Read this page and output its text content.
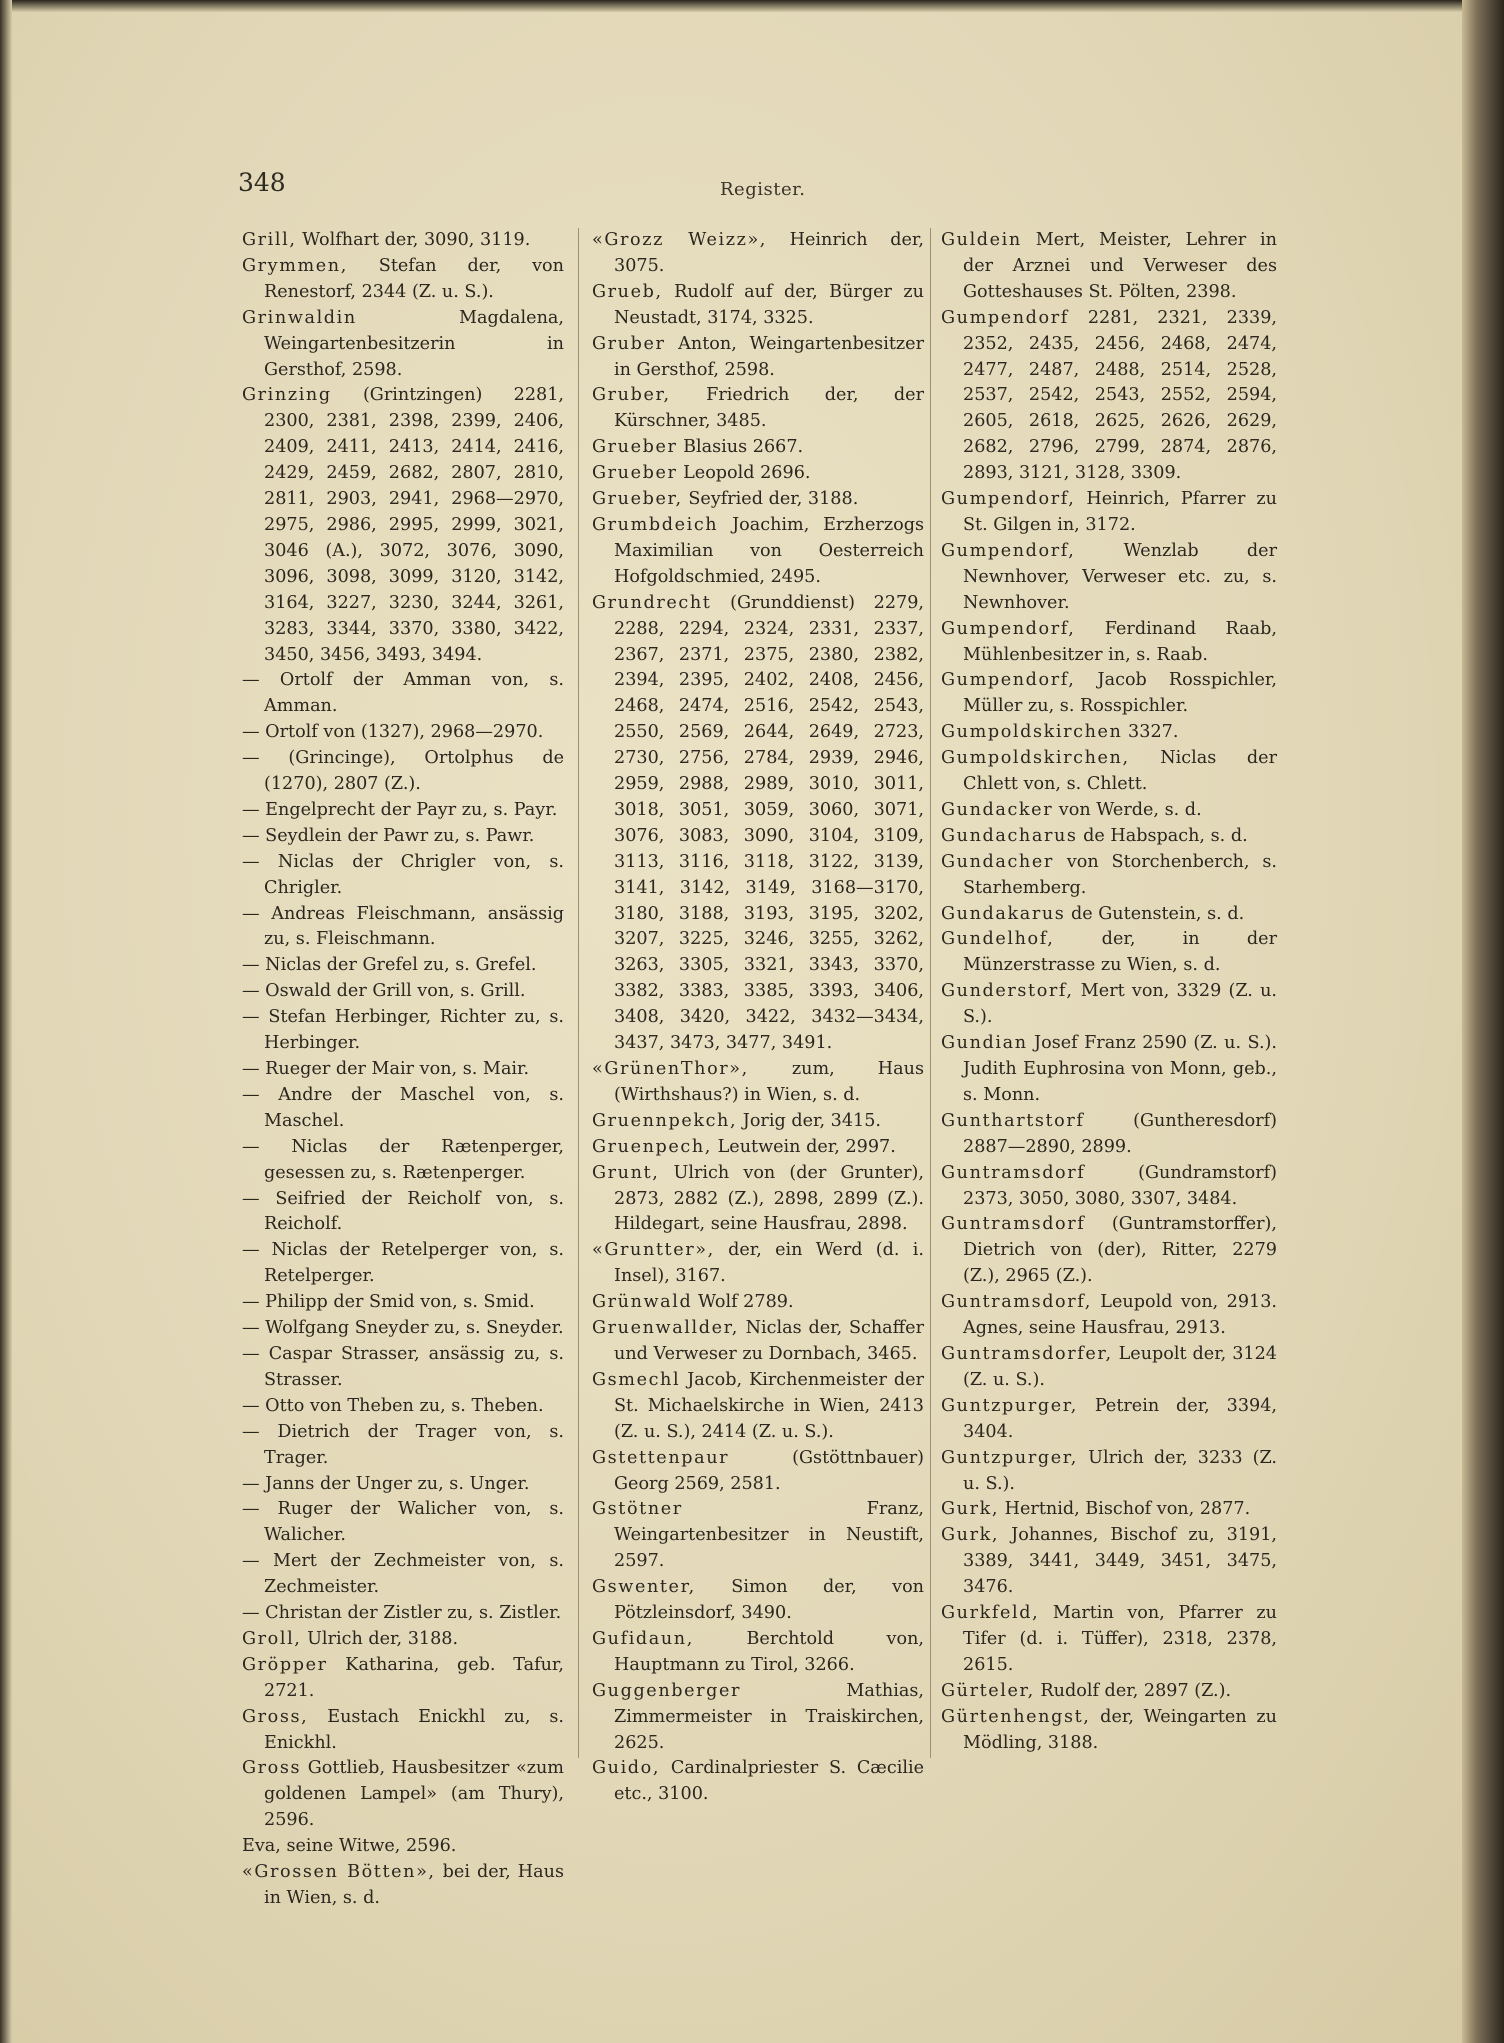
348	Register.

Grill, Wolfhart der, 3090, 3119.

Grymmen, Stefan der, von Renestorf, 2344 (Z. u. S.).

Grinwaldin Magdalena, Weingartenbesitzerin in Gersthof, 2598.

Grinzing (Grintzingen) 2281, 2300, 2381, 2398, 2399, 2406, 2409, 2411, 2413, 2414, 2416, 2429, 2459, 2682, 2807, 2810, 2811, 2903, 2941, 2968—2970, 2975, 2986, 2995, 2999, 3021, 3046 (A.), 3072, 3076, 3090, 3096, 3098, 3099, 3120, 3142, 3164, 3227, 3230, 3244, 3261, 3283, 3344, 3370, 3380, 3422, 3450, 3456, 3493, 3494.

— Ortolf der Amman von, s. Amman.

— Ortolf von (1327), 2968—2970.

— (Grincinge), Ortolphus de (1270), 2807 (Z.).

— Engelprecht der Payr zu, s. Payr.

— Seydlein der Pawr zu, s. Pawr.

— Niclas der Chrigler von, s. Chrigler.

— Andreas Fleischmann, ansässig zu, s. Fleischmann.

— Niclas der Grefel zu, s. Grefel.

— Oswald der Grill von, s. Grill.

— Stefan Herbinger, Richter zu, s. Herbinger.

— Rueger der Mair von, s. Mair.

— Andre der Maschel von, s. Maschel.

— Niclas der Rætenperger, gesessen zu, s. Rætenperger.

— Seifried der Reicholf von, s. Reicholf.

— Niclas der Retelperger von, s. Retelperger.

— Philipp der Smid von, s. Smid.

— Wolfgang Sneyder zu, s. Sneyder.

— Caspar Strasser, ansässig zu, s. Strasser.

— Otto von Theben zu, s. Theben.

— Dietrich der Trager von, s. Trager.

— Janns der Unger zu, s. Unger.

— Ruger der Walicher von, s. Walicher.

— Mert der Zechmeister von, s. Zechmeister.

— Christan der Zistler zu, s. Zistler.

Groll, Ulrich der, 3188.

Gröpper Katharina, geb. Tafur, 2721.

Gross, Eustach Enickhl zu, s. Enickhl.

Gross Gottlieb, Hausbesitzer «zum goldenen Lampel» (am Thury), 2596.

Eva, seine Witwe, 2596.

«Grossen Bötten», bei der, Haus in Wien, s. d.

«Grozz Weizz», Heinrich der, 3075.

Grueb, Rudolf auf der, Bürger zu Neustadt, 3174, 3325.

Gruber Anton, Weingartenbesitzer in Gersthof, 2598.

Gruber, Friedrich der, der Kürschner, 3485.

Grueber Blasius 2667.

Grueber Leopold 2696.

Grueber, Seyfried der, 3188.

Grumbdeich Joachim, Erzherzogs Maximilian von Oesterreich Hofgoldschmied, 2495.

Grundrecht (Grunddienst) 2279, 2288, 2294, 2324, 2331, 2337, 2367, 2371, 2375, 2380, 2382, 2394, 2395, 2402, 2408, 2456, 2468, 2474, 2516, 2542, 2543, 2550, 2569, 2644, 2649, 2723, 2730, 2756, 2784, 2939, 2946, 2959, 2988, 2989, 3010, 3011, 3018, 3051, 3059, 3060, 3071, 3076, 3083, 3090, 3104, 3109, 3113, 3116, 3118, 3122, 3139, 3141, 3142, 3149, 3168—3170, 3180, 3188, 3193, 3195, 3202, 3207, 3225, 3246, 3255, 3262, 3263, 3305, 3321, 3343, 3370, 3382, 3383, 3385, 3393, 3406, 3408, 3420, 3422, 3432—3434, 3437, 3473, 3477, 3491.

«GrünenThor», zum, Haus (Wirthshaus?) in Wien, s. d.

Gruennpekch, Jorig der, 3415.

Gruenpech, Leutwein der, 2997.

Grunt, Ulrich von (der Grunter), 2873, 2882 (Z.), 2898, 2899 (Z.). Hildegart, seine Hausfrau, 2898.

«Gruntter», der, ein Werd (d. i. Insel), 3167.

Grünwald Wolf 2789.

Gruenwallder, Niclas der, Schaffer und Verweser zu Dornbach, 3465.

Gsmechl Jacob, Kirchenmeister der St. Michaelskirche in Wien, 2413 (Z. u. S.), 2414 (Z. u. S.).

Gstettenpaur (Gstöttnbauer) Georg 2569, 2581.

Gstötner Franz, Weingartenbesitzer in Neustift, 2597.

Gswenter, Simon der, von Pötzleinsdorf, 3490.

Gufidaun, Berchtold von, Hauptmann zu Tirol, 3266.

Guggenberger Mathias, Zimmermeister in Traiskirchen, 2625.

Guido, Cardinalpriester S. Cæcilie etc., 3100.

Guldein Mert, Meister, Lehrer in der Arznei und Verweser des Gotteshauses St. Pölten, 2398.

Gumpendorf 2281, 2321, 2339, 2352, 2435, 2456, 2468, 2474, 2477, 2487, 2488, 2514, 2528, 2537, 2542, 2543, 2552, 2594, 2605, 2618, 2625, 2626, 2629, 2682, 2796, 2799, 2874, 2876, 2893, 3121, 3128, 3309.

Gumpendorf, Heinrich, Pfarrer zu St. Gilgen in, 3172.

Gumpendorf, Wenzlab der Newnhover, Verweser etc. zu, s. Newnhover.

Gumpendorf, Ferdinand Raab, Mühlenbesitzer in, s. Raab.

Gumpendorf, Jacob Rosspichler, Müller zu, s. Rosspichler.

Gumpoldskirchen 3327.

Gumpoldskirchen, Niclas der Chlett von, s. Chlett.

Gundacker von Werde, s. d.

Gundacharus de Habspach, s. d.

Gundacher von Storchenberch, s. Starhemberg.

Gundakarus de Gutenstein, s. d.

Gundelhof, der, in der Münzerstrasse zu Wien, s. d.

Gunderstorf, Mert von, 3329 (Z. u. S.).

Gundian Josef Franz 2590 (Z. u. S.). Judith Euphrosina von Monn, geb., s. Monn.

Gunthartstorf (Guntheresdorf) 2887—2890, 2899.

Guntramsdorf (Gundramstorf) 2373, 3050, 3080, 3307, 3484.

Guntramsdorf (Guntramstorffer), Dietrich von (der), Ritter, 2279 (Z.), 2965 (Z.).

Guntramsdorf, Leupold von, 2913. Agnes, seine Hausfrau, 2913.

Guntramsdorfer, Leupolt der, 3124 (Z. u. S.).

Guntzpurger, Petrein der, 3394, 3404.

Guntzpurger, Ulrich der, 3233 (Z. u. S.).

Gurk, Hertnid, Bischof von, 2877.

Gurk, Johannes, Bischof zu, 3191, 3389, 3441, 3449, 3451, 3475, 3476.

Gurkfeld, Martin von, Pfarrer zu Tifer (d. i. Tüffer), 2318, 2378, 2615.

Gürteler, Rudolf der, 2897 (Z.).

Gürtenhengst, der, Weingarten zu Mödling, 3188.
